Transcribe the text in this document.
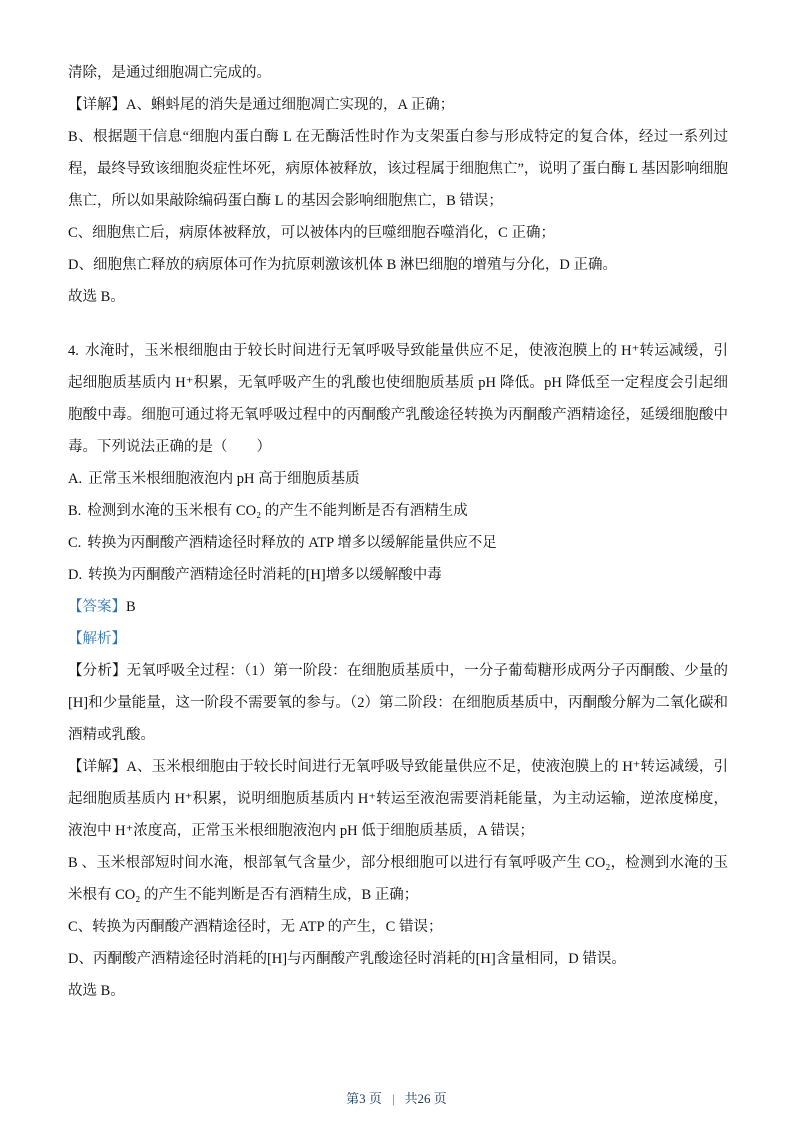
清除，是通过细胞凋亡完成的。

【详解】A、蝌蚪尾的消失是通过细胞凋亡实现的，A 正确；

B、根据题干信息“细胞内蛋白酶 L 在无酶活性时作为支架蛋白参与形成特定的复合体，经过一系列过程，最终导致该细胞炎症性坏死，病原体被释放，该过程属于细胞焦亡”，说明了蛋白酶 L 基因影响细胞焦亡，所以如果敲除编码蛋白酶 L 的基因会影响细胞焦亡，B 错误；

C、细胞焦亡后，病原体被释放，可以被体内的巨噬细胞吞噬消化，C 正确；

D、细胞焦亡释放的病原体可作为抗原刺激该机体 B 淋巴细胞的增殖与分化，D 正确。

故选 B。

4. 水淹时，玉米根细胞由于较长时间进行无氧呼吸导致能量供应不足，使液泡膜上的 H⁺转运减缓，引起细胞质基质内 H⁺积累，无氧呼吸产生的乳酸也使细胞质基质 pH 降低。pH 降低至一定程度会引起细胞酸中毒。细胞可通过将无氧呼吸过程中的丙酮酸产乳酸途径转换为丙酮酸产酒精途径，延缓细胞酸中毒。下列说法正确的是（　　）

A. 正常玉米根细胞液泡内 pH 高于细胞质基质

B. 检测到水淹的玉米根有 CO₂ 的产生不能判断是否有酒精生成

C. 转换为丙酮酸产酒精途径时释放的 ATP 增多以缓解能量供应不足

D. 转换为丙酮酸产酒精途径时消耗的[H]增多以缓解酸中毒

【答案】B

【解析】

【分析】无氧呼吸全过程：（1）第一阶段：在细胞质基质中，一分子葡萄糖形成两分子丙酮酸、少量的[H]和少量能量，这一阶段不需要氧的参与。（2）第二阶段：在细胞质基质中，丙酮酸分解为二氧化碳和酒精或乳酸。

【详解】A、玉米根细胞由于较长时间进行无氧呼吸导致能量供应不足，使液泡膜上的 H⁺转运减缓，引起细胞质基质内 H⁺积累，说明细胞质基质内 H⁺转运至液泡需要消耗能量，为主动运输，逆浓度梯度，液泡中 H⁺浓度高，正常玉米根细胞液泡内 pH 低于细胞质基质，A 错误；

B 、玉米根部短时间水淹，根部氧气含量少，部分根细胞可以进行有氧呼吸产生 CO₂，检测到水淹的玉米根有 CO₂ 的产生不能判断是否有酒精生成，B 正确；

C、转换为丙酮酸产酒精途径时，无 ATP 的产生，C 错误；

D、丙酮酸产酒精途径时消耗的[H]与丙酮酸产乳酸途径时消耗的[H]含量相同，D 错误。

故选 B。

第3 页 | 共26 页
